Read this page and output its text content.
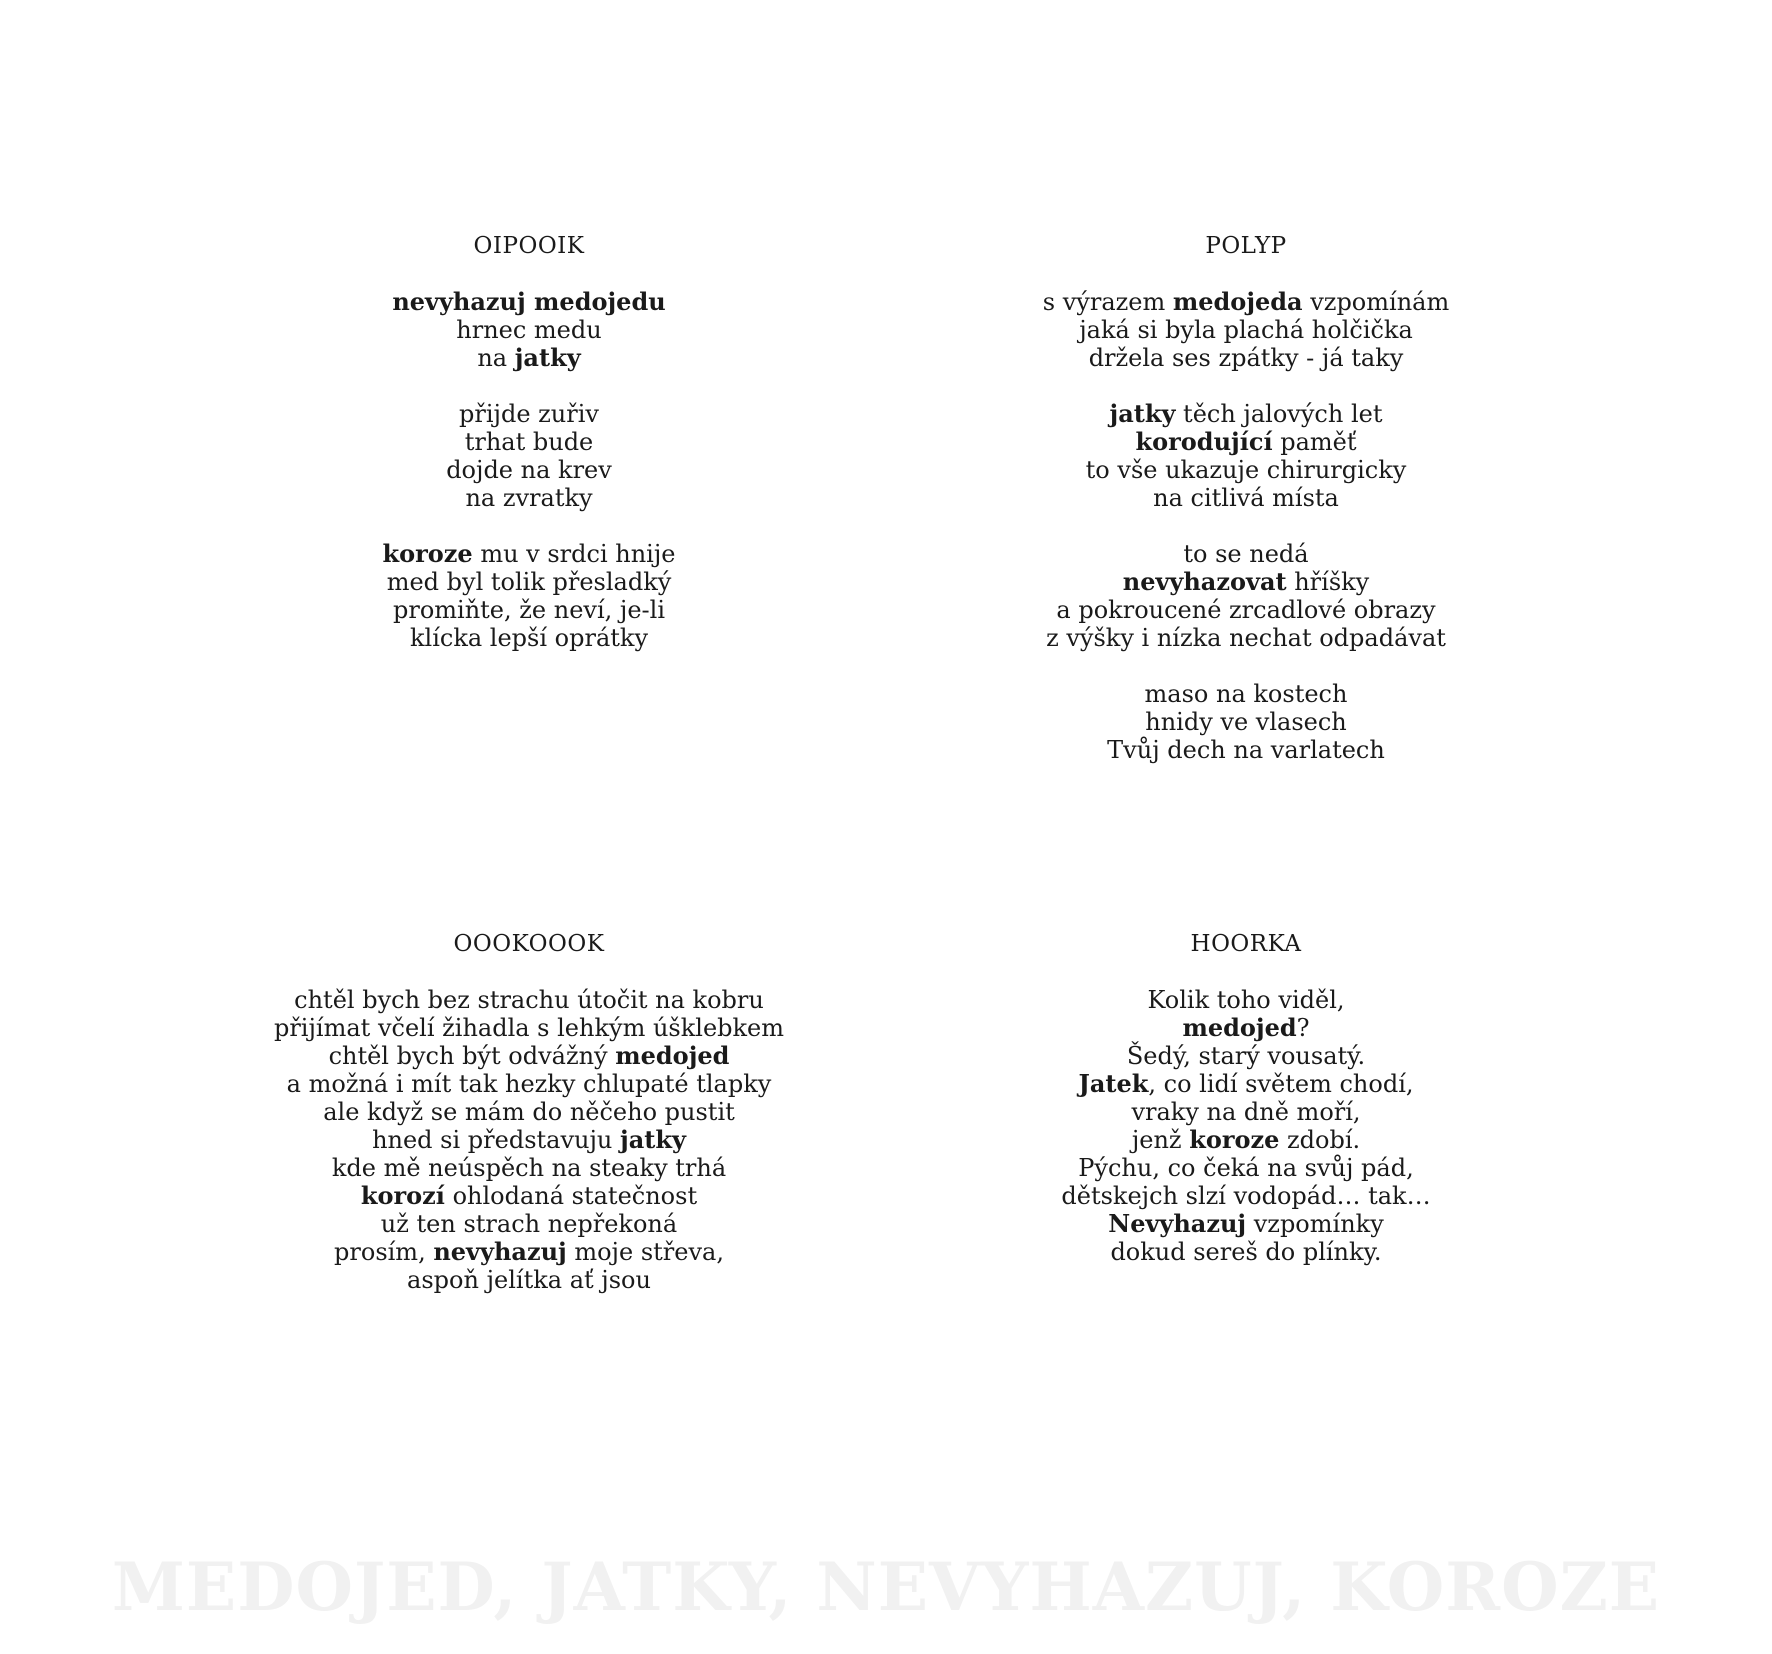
OIPOOIK
nevyhazuj medojedu
hrnec medu
na jatky
přijde zuřiv
trhat bude
dojde na krev
na zvratky
koroze mu v srdci hnije
med byl tolik přesladký
promiňte, že neví, je-li
klícka lepší oprátky
POLYP
s výrazem medojeda vzpomínám
jaká si byla plachá holčička
držela ses zpátky - já taky
jatky těch jalových let
korodující paměť
to vše ukazuje chirurgicky
na citlivá místa
to se nedá
nevyhazovat hříšky
a pokroucené zrcadlové obrazy
z výšky i nízka nechat odpadávat
maso na kostech
hnidy ve vlasech
Tvůj dech na varlatech
OOOKOOOK
chtěl bych bez strachu útočit na kobru
přijímat včelí žihadla s lehkým úšklebkem
chtěl bych být odvážný medojed
a možná i mít tak hezky chlupaté tlapky
ale když se mám do něčeho pustit
hned si představuju jatky
kde mě neúspěch na steaky trhá
korozí ohlodaná statečnost
už ten strach nepřekoná
prosím, nevyhazuj moje střeva,
aspoň jelítka ať jsou
HOORKA
Kolik toho viděl,
medojed?
Šedý, starý vousatý.
Jatek, co lidí světem chodí,
vraky na dně moří,
jenž koroze zdobí.
Pýchu, co čeká na svůj pád,
dětskejch slzí vodopád… tak…
Nevyhazuj vzpomínky
dokud sereš do plínky.
MEDOJED, JATKY, NEVYHAZUJ, KOROZE
